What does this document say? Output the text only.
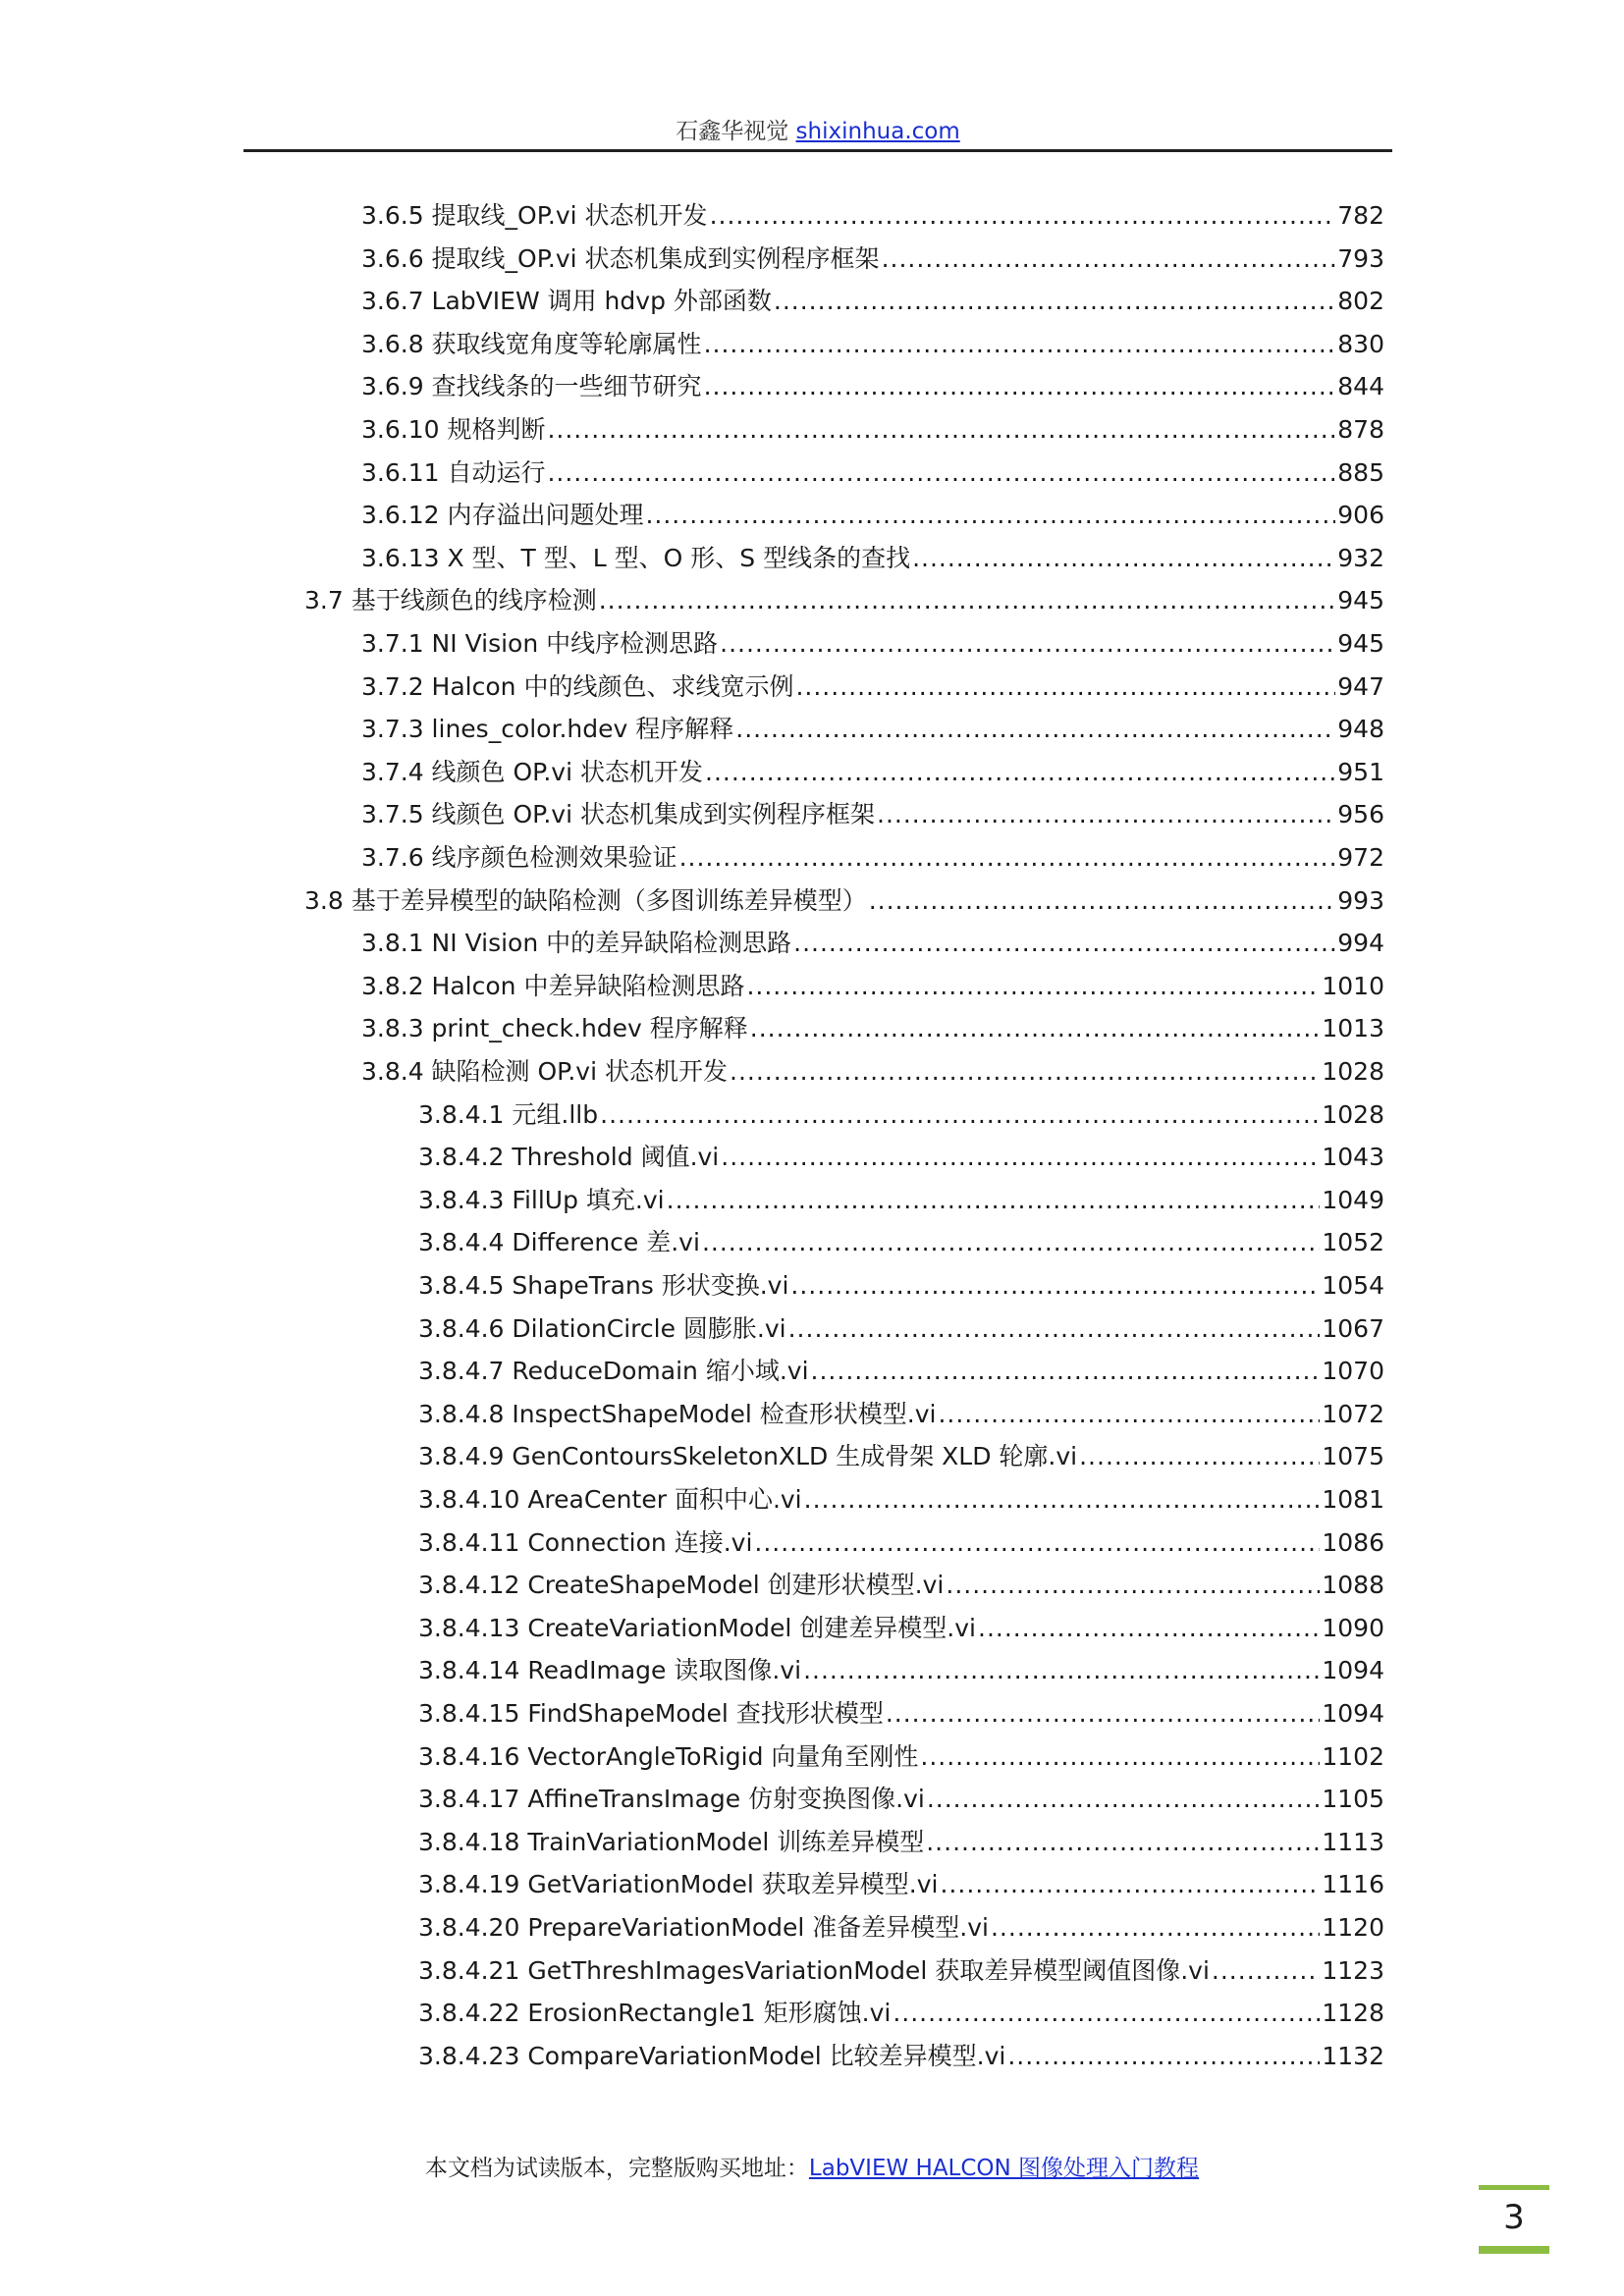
石鑫华视觉 shixinhua.com
3.6.5 提取线_OP.vi 状态机开发 .....	782
3.6.6 提取线_OP.vi 状态机集成到实例程序框架 .....	793
3.6.7 LabVIEW 调用 hdvp 外部函数 .....	802
3.6.8 获取线宽角度等轮廓属性 .....	830
3.6.9 查找线条的一些细节研究 .....	844
3.6.10 规格判断 .....	878
3.6.11 自动运行 .....	885
3.6.12 内存溢出问题处理 .....	906
3.6.13 X 型、T 型、L 型、O 形、S 型线条的查找 .....	932
3.7 基于线颜色的线序检测 .....	945
3.7.1 NI Vision 中线序检测思路 .....	945
3.7.2 Halcon 中的线颜色、求线宽示例 .....	947
3.7.3 lines_color.hdev 程序解释 .....	948
3.7.4 线颜色 OP.vi 状态机开发 .....	951
3.7.5 线颜色 OP.vi 状态机集成到实例程序框架 .....	956
3.7.6 线序颜色检测效果验证 .....	972
3.8 基于差异模型的缺陷检测（多图训练差异模型） .....	993
3.8.1 NI Vision 中的差异缺陷检测思路 .....	994
3.8.2 Halcon 中差异缺陷检测思路 .....	1010
3.8.3 print_check.hdev 程序解释 .....	1013
3.8.4 缺陷检测 OP.vi 状态机开发 .....	1028
3.8.4.1 元组.llb .....	1028
3.8.4.2 Threshold 阈值.vi .....	1043
3.8.4.3 FillUp 填充.vi .....	1049
3.8.4.4 Difference 差.vi .....	1052
3.8.4.5 ShapeTrans 形状变换.vi .....	1054
3.8.4.6 DilationCircle 圆膨胀.vi .....	1067
3.8.4.7 ReduceDomain 缩小域.vi .....	1070
3.8.4.8 InspectShapeModel 检查形状模型.vi .....	1072
3.8.4.9 GenContoursSkeletonXLD 生成骨架 XLD 轮廓.vi .....	1075
3.8.4.10 AreaCenter 面积中心.vi .....	1081
3.8.4.11 Connection 连接.vi .....	1086
3.8.4.12 CreateShapeModel 创建形状模型.vi .....	1088
3.8.4.13 CreateVariationModel 创建差异模型.vi .....	1090
3.8.4.14 ReadImage 读取图像.vi .....	1094
3.8.4.15 FindShapeModel 查找形状模型 .....	1094
3.8.4.16 VectorAngleToRigid 向量角至刚性 .....	1102
3.8.4.17 AffineTransImage 仿射变换图像.vi .....	1105
3.8.4.18 TrainVariationModel 训练差异模型 .....	1113
3.8.4.19 GetVariationModel 获取差异模型.vi .....	1116
3.8.4.20 PrepareVariationModel 准备差异模型.vi .....	1120
3.8.4.21 GetThreshImagesVariationModel 获取差异模型阈值图像.vi .....	1123
3.8.4.22 ErosionRectangle1 矩形腐蚀.vi .....	1128
3.8.4.23 CompareVariationModel 比较差异模型.vi .....	1132
本文档为试读版本，完整版购买地址：LabVIEW HALCON 图像处理入门教程
3
